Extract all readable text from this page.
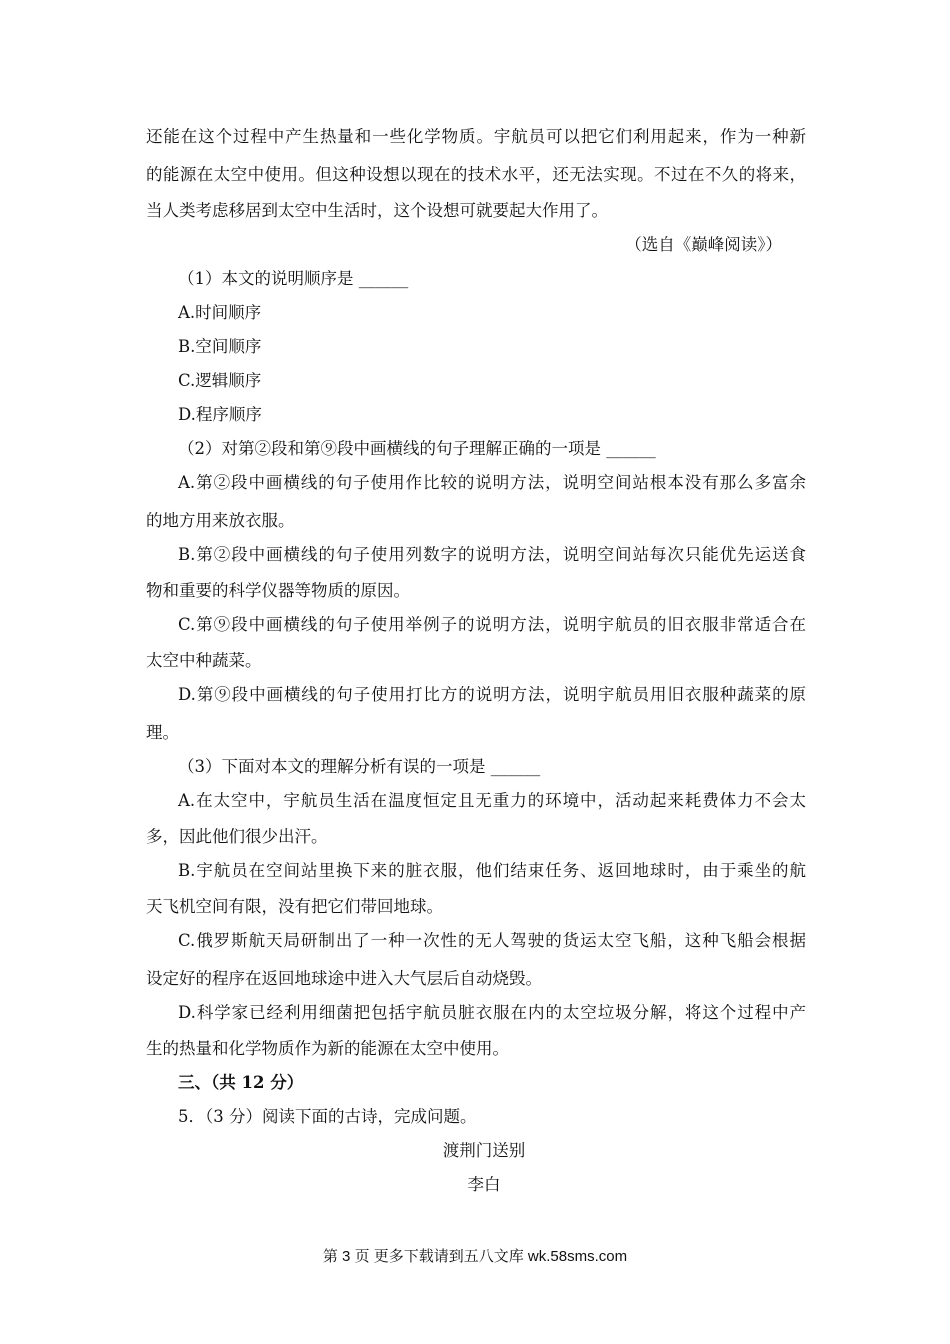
还能在这个过程中产生热量和一些化学物质。宇航员可以把它们利用起来，作为一种新
的能源在太空中使用。但这种设想以现在的技术水平，还无法实现。不过在不久的将来，
当人类考虑移居到太空中生活时，这个设想可就要起大作用了。
（选自《巅峰阅读》）
（1）本文的说明顺序是 ______
A.时间顺序
B.空间顺序
C.逻辑顺序
D.程序顺序
（2）对第②段和第⑨段中画横线的句子理解正确的一项是 ______
A.第②段中画横线的句子使用作比较的说明方法，说明空间站根本没有那么多富余
的地方用来放衣服。
B.第②段中画横线的句子使用列数字的说明方法，说明空间站每次只能优先运送食
物和重要的科学仪器等物质的原因。
C.第⑨段中画横线的句子使用举例子的说明方法，说明宇航员的旧衣服非常适合在
太空中种蔬菜。
D.第⑨段中画横线的句子使用打比方的说明方法，说明宇航员用旧衣服种蔬菜的原
理。
（3）下面对本文的理解分析有误的一项是 ______
A.在太空中，宇航员生活在温度恒定且无重力的环境中，活动起来耗费体力不会太
多，因此他们很少出汗。
B.宇航员在空间站里换下来的脏衣服，他们结束任务、返回地球时，由于乘坐的航
天飞机空间有限，没有把它们带回地球。
C.俄罗斯航天局研制出了一种一次性的无人驾驶的货运太空飞船，这种飞船会根据
设定好的程序在返回地球途中进入大气层后自动烧毁。
D.科学家已经利用细菌把包括宇航员脏衣服在内的太空垃圾分解，将这个过程中产
生的热量和化学物质作为新的能源在太空中使用。
三、（共 12 分）
5．（3 分）阅读下面的古诗，完成问题。
渡荆门送别
李白
第 3 页 更多下载请到五八文库 wk.58sms.com
